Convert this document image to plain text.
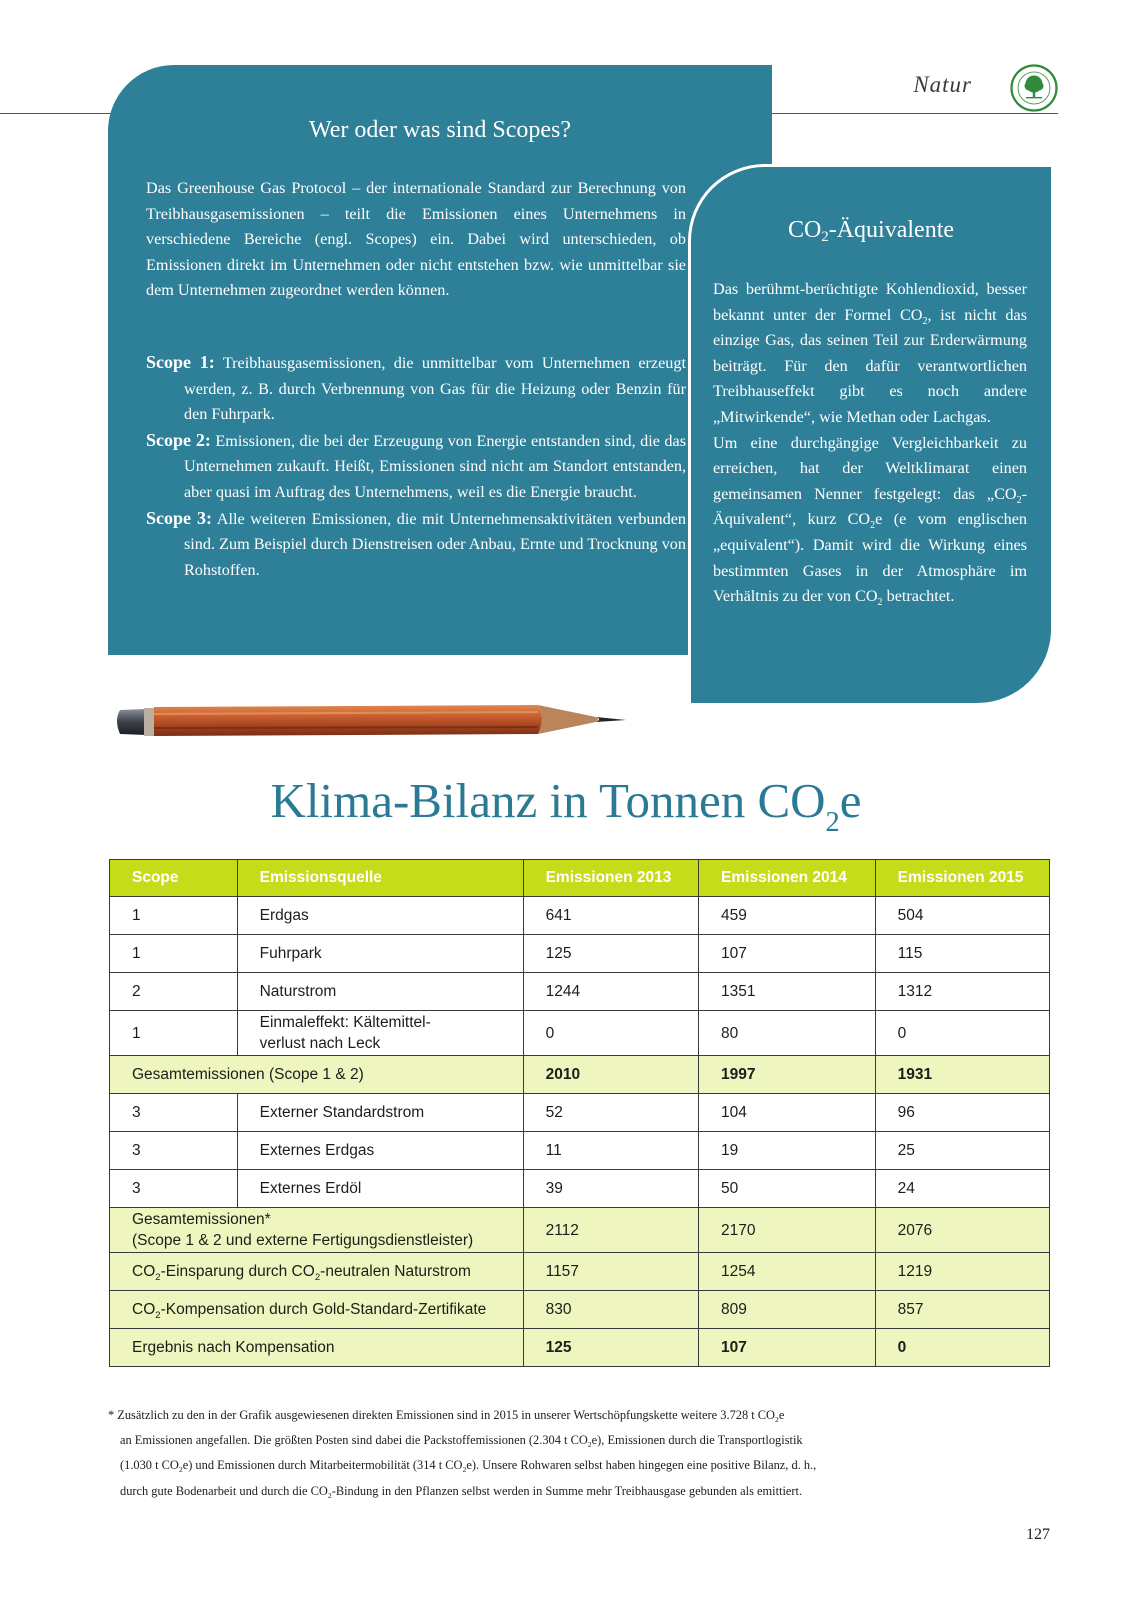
Natur
Wer oder was sind Scopes?

Das Greenhouse Gas Protocol – der internationale Standard zur Berechnung von Treibhausgasemissionen – teilt die Emissionen eines Unternehmens in verschiedene Bereiche (engl. Scopes) ein. Dabei wird unterschieden, ob Emissionen direkt im Unternehmen oder nicht entstehen bzw. wie unmittelbar sie dem Unternehmen zugeordnet werden können.

Scope 1: Treibhausgasemissionen, die unmittelbar vom Unternehmen erzeugt werden, z. B. durch Verbrennung von Gas für die Heizung oder Benzin für den Fuhrpark.
Scope 2: Emissionen, die bei der Erzeugung von Energie entstanden sind, die das Unternehmen zukauft. Heißt, Emissionen sind nicht am Standort entstanden, aber quasi im Auftrag des Unternehmens, weil es die Energie braucht.
Scope 3: Alle weiteren Emissionen, die mit Unternehmensaktivitäten verbunden sind. Zum Beispiel durch Dienstreisen oder Anbau, Ernte und Trocknung von Rohstoffen.
$CO_2$-Äquivalente
Das berühmt-berüchtigte Kohlendioxid, besser bekannt unter der Formel $CO_2$, ist nicht das einzige Gas, das seinen Teil zur Erderwärmung beiträgt. Für den dafür verantwortlichen Treibhauseffekt gibt es noch andere „Mitwirkende“, wie Methan oder Lachgas.
Um eine durchgängige Vergleichbarkeit zu erreichen, hat der Weltklimarat einen gemeinsamen Nenner festgelegt: das $„CO_2-Äquivalent“$, kurz $CO_2e$ (e vom englischen „equivalent“). Damit wird die Wirkung eines bestimmten Gases in der Atmosphäre im Verhältnis zu der von $CO_2$ betrachtet.
Klima-Bilanz in Tonnen $CO_2e$
Scope	Emissionsquelle	Emissionen 2013	Emissionen 2014	Emissionen 2015
1	Erdgas	641	459	504
1	Fuhrpark	125	107	115
2	Naturstrom	1244	1351	1312
1	Einmaleffekt: Kältemittel-
verlust nach Leck	0	80	0
Gesamtemissionen (Scope 1 & 2)		2010	1997	1931
3	Externer Standardstrom	52	104	96
3	Externes Erdgas	11	19	25
3	Externes Erdöl	39	50	24
Gesamtemissionen*
(Scope 1 & 2 und externe Fertigungsdienstleister)		2112	2170	2076
$CO_2$-Einsparung durch $CO_2$-neutralen Naturstrom		1157	1254	1219
$CO_2$-Kompensation durch Gold-Standard-Zertifikate		830	809	857
Ergebnis nach Kompensation		125	107	0
* Zusätzlich zu den in der Grafik ausgewiesenen direkten Emissionen sind in 2015 in unserer Wertschöpfungskette weitere 3.728 t $CO_2e$
an Emissionen angefallen. Die größten Posten sind dabei die Packstoffemissionen (2.304 t $CO_2e$), Emissionen durch die Transportlogistik
(1.030 t $CO_2e$) und Emissionen durch Mitarbeitermobilität (314 t $CO_2e$). Unsere Rohwaren selbst haben hingegen eine positive Bilanz, d. h.,
durch gute Bodenarbeit und durch die $CO_2$-Bindung in den Pflanzen selbst werden in Summe mehr Treibhausgase gebunden als emittiert.
127
